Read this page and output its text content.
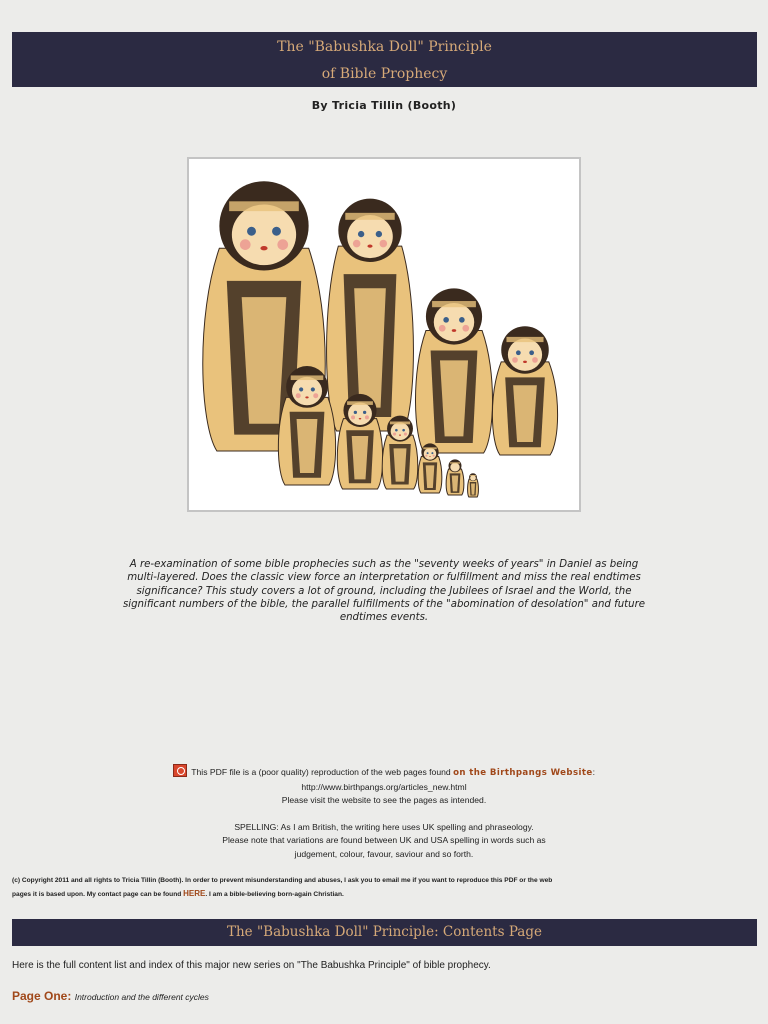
The "Babushka Doll" Principle
of Bible Prophecy
By Tricia Tillin (Booth)
A re-examination of some bible prophecies such as the "seventy weeks of years" in Daniel as being multi-layered. Does the classic view force an interpretation or fulfillment and miss the real endtimes significance? This study covers a lot of ground, including the Jubilees of Israel and the World, the significant numbers of the bible, the parallel fulfillments of the "abomination of desolation" and future endtimes events.
This PDF file is a (poor quality) reproduction of the web pages found on the Birthpangs Website:
http://www.birthpangs.org/articles_new.html
Please visit the website to see the pages as intended.
SPELLING: As I am British, the writing here uses UK spelling and phraseology.
Please note that variations are found between UK and USA spelling in words such as
judgement, colour, favour, saviour and so forth.
(c) Copyright 2011 and all rights to Tricia Tillin (Booth). In order to prevent misunderstanding and abuses, I ask you to email me if you want to reproduce this PDF or the web
pages it is based upon. My contact page can be found HERE. I am a bible-believing born-again Christian.
The "Babushka Doll" Principle: Contents Page
Here is the full content list and index of this major new series on "The Babushka Principle" of bible prophecy.
Page One: Introduction and the different cycles
